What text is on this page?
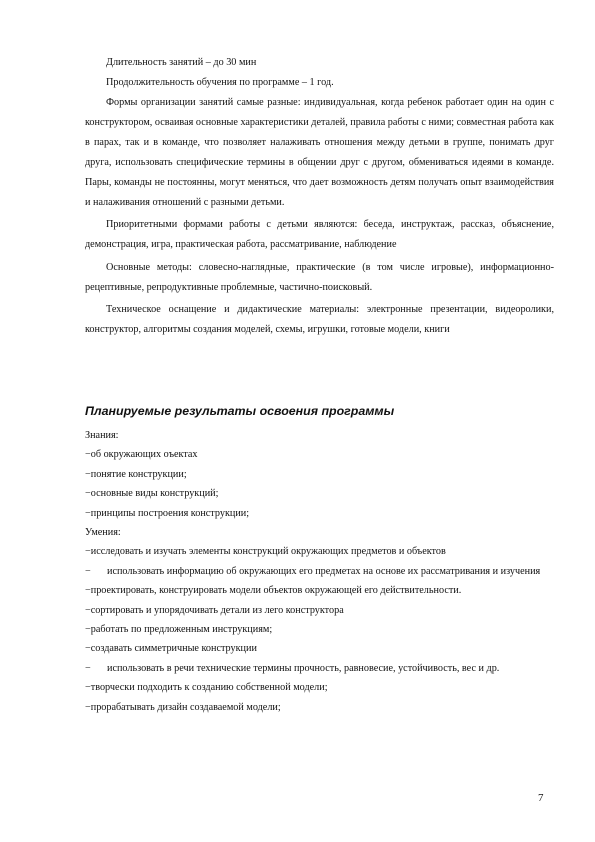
Длительность занятий – до 30 мин

Продолжительность обучения по программе – 1 год.

Формы организации занятий самые разные: индивидуальная, когда ребенок работает один на один с конструктором, осваивая основные характеристики деталей, правила работы с ними; совместная работа как в парах, так и в команде, что позволяет налаживать отношения между детьми в группе, понимать друг друга, использовать специфические термины в общении друг с другом, обмениваться идеями в команде. Пары, команды не постоянны, могут меняться, что дает возможность детям получать опыт взаимодействия и налаживания отношений с разными детьми.

Приоритетными формами работы с детьми являются: беседа, инструктаж, рассказ, объяснение, демонстрация, игра, практическая работа, рассматривание, наблюдение

Основные методы: словесно-наглядные, практические (в том числе игровые), информационно-рецептивные, репродуктивные проблемные, частично-поисковый.

Техническое оснащение и дидактические материалы: электронные презентации, видеоролики, конструктор, алгоритмы создания моделей, схемы, игрушки, готовые модели, книги

Планируемые результаты освоения программы
Знания:
−об окружающих оъектах
−понятие конструкции;
−основные виды конструкций;
−принципы построения конструкции;
Умения:
−исследовать и изучать элементы конструкций окружающих предметов и объектов
−	использовать информацию об окружающих его предметах на основе их рассматривания и изучения
−проектировать, конструировать модели объектов окружающей его действительности.
−сортировать и упорядочивать детали из лего конструктора
−работать по предложенным инструкциям;
−создавать симметричные конструкции
−	использовать в речи технические термины прочность, равновесие, устойчивость, вес и др.
−творчески подходить к созданию собственной модели;
−прорабатывать дизайн создаваемой модели;
7
